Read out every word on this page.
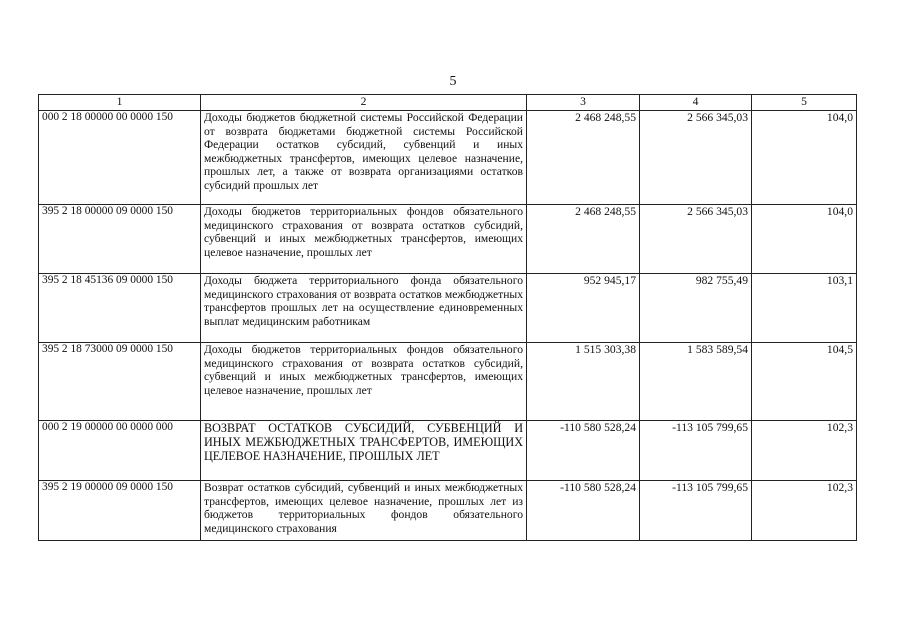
5
1	2	3	4	5
000 2 18 00000 00 0000 150	Доходы бюджетов бюджетной системы Российской Федерации от возврата бюджетами бюджетной системы Российской Федерации остатков субсидий, субвенций и иных межбюджетных трансфертов, имеющих целевое назначение, прошлых лет, а также от возврата организациями остатков субсидий прошлых лет	2 468 248,55	2 566 345,03	104,0
395 2 18 00000 09 0000 150	Доходы бюджетов территориальных фондов обязательного медицинского страхования от возврата остатков субсидий, субвенций и иных межбюджетных трансфертов, имеющих целевое назначение, прошлых лет	2 468 248,55	2 566 345,03	104,0
395 2 18 45136 09 0000 150	Доходы бюджета территориального фонда обязательного медицинского страхования от возврата остатков межбюджетных трансфертов прошлых лет на осуществление единовременных выплат медицинским работникам	952 945,17	982 755,49	103,1
395 2 18 73000 09 0000 150	Доходы бюджетов территориальных фондов обязательного медицинского страхования от возврата остатков субсидий, субвенций и иных межбюджетных трансфертов, имеющих целевое назначение, прошлых лет	1 515 303,38	1 583 589,54	104,5
000 2 19 00000 00 0000 000	ВОЗВРАТ ОСТАТКОВ СУБСИДИЙ, СУБВЕНЦИЙ И ИНЫХ МЕЖБЮДЖЕТНЫХ ТРАНСФЕРТОВ, ИМЕЮЩИХ ЦЕЛЕВОЕ НАЗНАЧЕНИЕ, ПРОШЛЫХ ЛЕТ	-110 580 528,24	-113 105 799,65	102,3
395 2 19 00000 09 0000 150	Возврат остатков субсидий, субвенций и иных межбюджетных трансфертов, имеющих целевое назначение, прошлых лет из бюджетов территориальных фондов обязательного медицинского страхования	-110 580 528,24	-113 105 799,65	102,3
